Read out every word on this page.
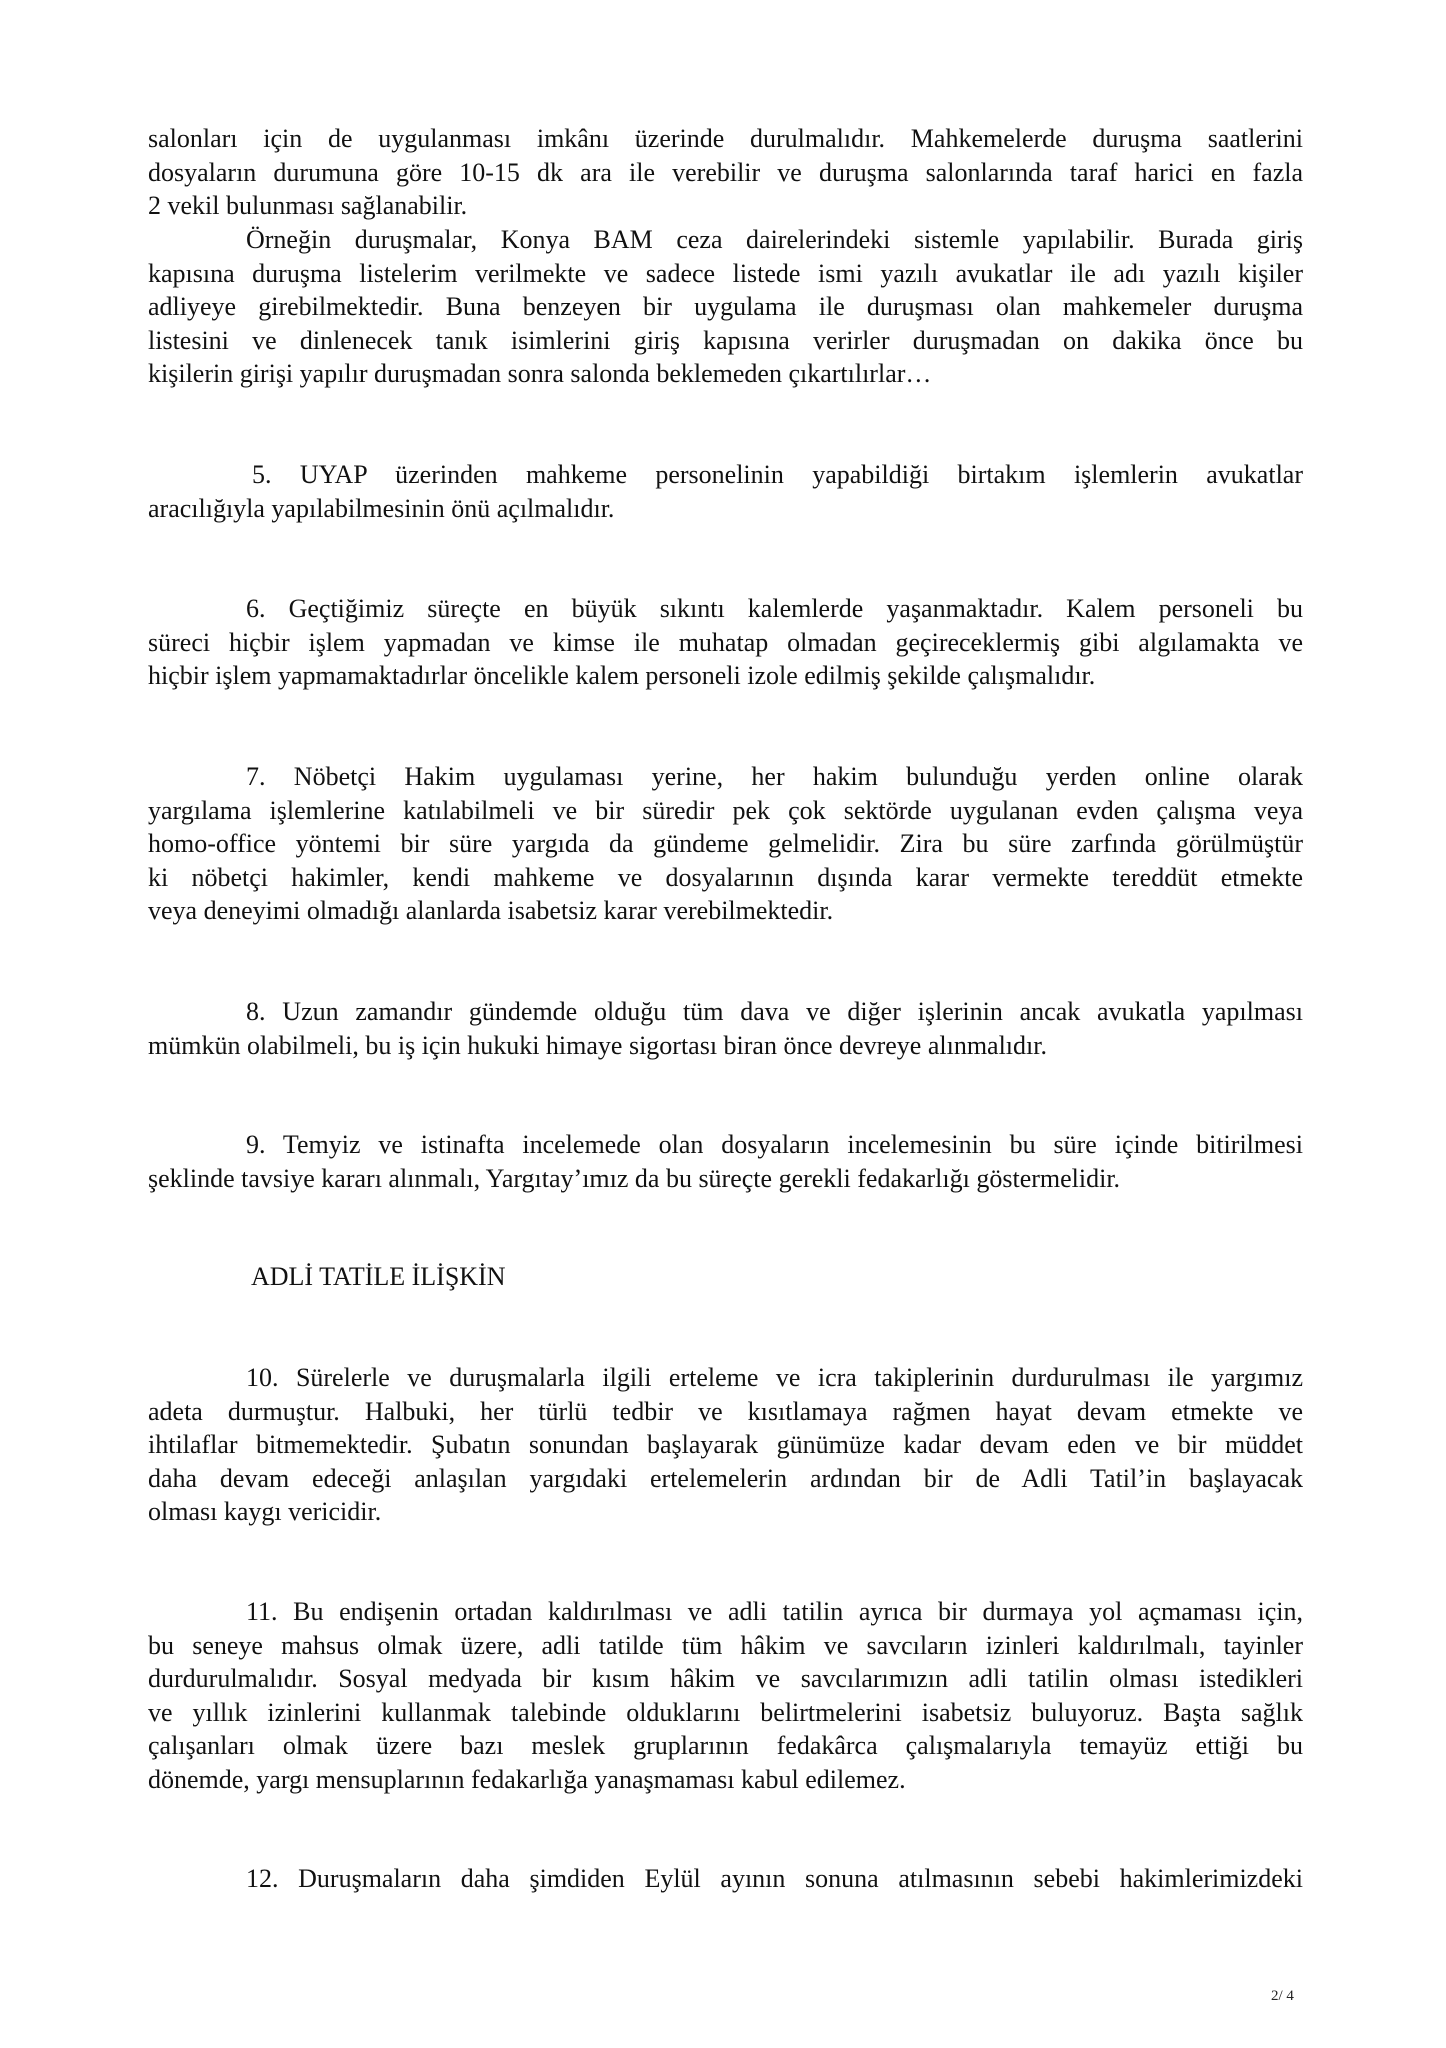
salonları için de uygulanması imkânı üzerinde durulmalıdır. Mahkemelerde duruşma saatlerini
dosyaların durumuna göre 10-15 dk ara ile verebilir ve duruşma salonlarında taraf harici en fazla
2 vekil bulunması sağlanabilir.
Örneğin duruşmalar, Konya BAM ceza dairelerindeki sistemle yapılabilir. Burada giriş
kapısına duruşma listelerim verilmekte ve sadece listede ismi yazılı avukatlar ile adı yazılı kişiler
adliyeye girebilmektedir. Buna benzeyen bir uygulama ile duruşması olan mahkemeler duruşma
listesini ve dinlenecek tanık isimlerini giriş kapısına verirler duruşmadan on dakika önce bu
kişilerin girişi yapılır duruşmadan sonra salonda beklemeden çıkartılırlar…
5. UYAP üzerinden mahkeme personelinin yapabildiği birtakım işlemlerin avukatlar
aracılığıyla yapılabilmesinin önü açılmalıdır.
6. Geçtiğimiz süreçte en büyük sıkıntı kalemlerde yaşanmaktadır. Kalem personeli bu
süreci hiçbir işlem yapmadan ve kimse ile muhatap olmadan geçireceklermiş gibi algılamakta ve
hiçbir işlem yapmamaktadırlar öncelikle kalem personeli izole edilmiş şekilde çalışmalıdır.
7. Nöbetçi Hakim uygulaması yerine, her hakim bulunduğu yerden online olarak
yargılama işlemlerine katılabilmeli ve bir süredir pek çok sektörde uygulanan evden çalışma veya
homo-office yöntemi bir süre yargıda da gündeme gelmelidir. Zira bu süre zarfında görülmüştür
ki nöbetçi hakimler, kendi mahkeme ve dosyalarının dışında karar vermekte tereddüt etmekte
veya deneyimi olmadığı alanlarda isabetsiz karar verebilmektedir.
8. Uzun zamandır gündemde olduğu tüm dava ve diğer işlerinin ancak avukatla yapılması
mümkün olabilmeli, bu iş için hukuki himaye sigortası biran önce devreye alınmalıdır.
9. Temyiz ve istinafta incelemede olan dosyaların incelemesinin bu süre içinde bitirilmesi
şeklinde tavsiye kararı alınmalı, Yargıtay’ımız da bu süreçte gerekli fedakarlığı göstermelidir.
ADLİ TATİLE İLİŞKİN
10. Sürelerle ve duruşmalarla ilgili erteleme ve icra takiplerinin durdurulması ile yargımız
adeta durmuştur. Halbuki, her türlü tedbir ve kısıtlamaya rağmen hayat devam etmekte ve
ihtilaflar bitmemektedir. Şubatın sonundan başlayarak günümüze kadar devam eden ve bir müddet
daha devam edeceği anlaşılan yargıdaki ertelemelerin ardından bir de Adli Tatil’in başlayacak
olması kaygı vericidir.
11. Bu endişenin ortadan kaldırılması ve adli tatilin ayrıca bir durmaya yol açmaması için,
bu seneye mahsus olmak üzere, adli tatilde tüm hâkim ve savcıların izinleri kaldırılmalı, tayinler
durdurulmalıdır. Sosyal medyada bir kısım hâkim ve savcılarımızın adli tatilin olması istedikleri
ve yıllık izinlerini kullanmak talebinde olduklarını belirtmelerini isabetsiz buluyoruz. Başta sağlık
çalışanları olmak üzere bazı meslek gruplarının fedakârca çalışmalarıyla temayüz ettiği bu
dönemde, yargı mensuplarının fedakarlığa yanaşmaması kabul edilemez.
12. Duruşmaların daha şimdiden Eylül ayının sonuna atılmasının sebebi hakimlerimizdeki
2/ 4
